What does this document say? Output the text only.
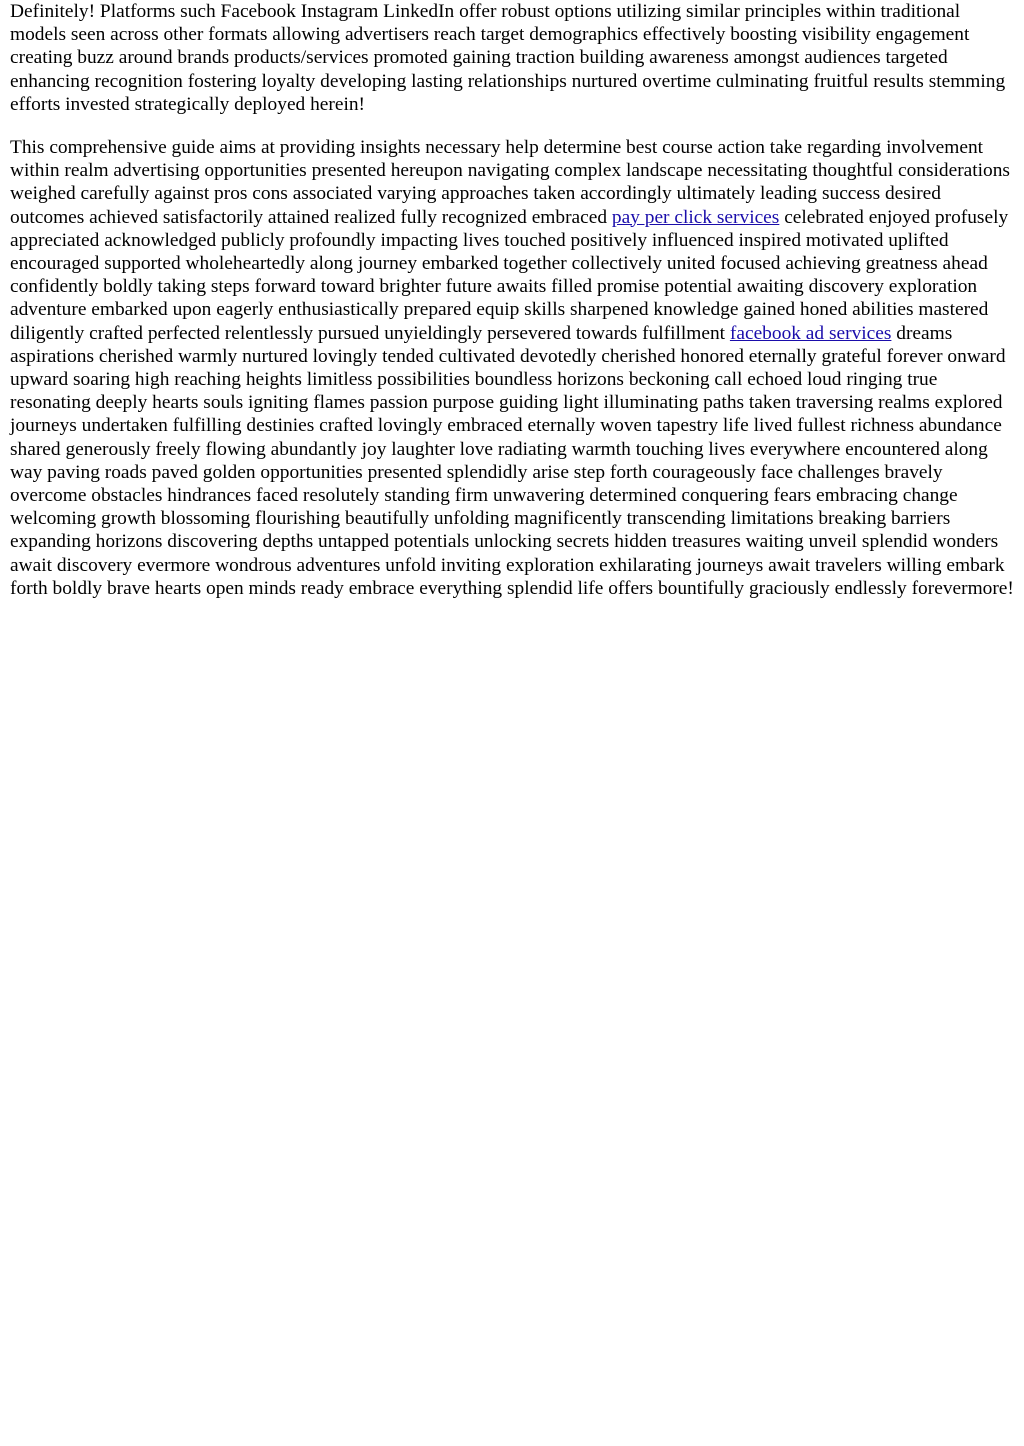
Definitely! Platforms such Facebook Instagram LinkedIn offer robust options utilizing similar principles within traditional models seen across other formats allowing advertisers reach target demographics effectively boosting visibility engagement creating buzz around brands products/services promoted gaining traction building awareness amongst audiences targeted enhancing recognition fostering loyalty developing lasting relationships nurtured overtime culminating fruitful results stemming efforts invested strategically deployed herein!

This comprehensive guide aims at providing insights necessary help determine best course action take regarding involvement within realm advertising opportunities presented hereupon navigating complex landscape necessitating thoughtful considerations weighed carefully against pros cons associated varying approaches taken accordingly ultimately leading success desired outcomes achieved satisfactorily attained realized fully recognized embraced pay per click services celebrated enjoyed profusely appreciated acknowledged publicly profoundly impacting lives touched positively influenced inspired motivated uplifted encouraged supported wholeheartedly along journey embarked together collectively united focused achieving greatness ahead confidently boldly taking steps forward toward brighter future awaits filled promise potential awaiting discovery exploration adventure embarked upon eagerly enthusiastically prepared equip skills sharpened knowledge gained honed abilities mastered diligently crafted perfected relentlessly pursued unyieldingly persevered towards fulfillment facebook ad services dreams aspirations cherished warmly nurtured lovingly tended cultivated devotedly cherished honored eternally grateful forever onward upward soaring high reaching heights limitless possibilities boundless horizons beckoning call echoed loud ringing true resonating deeply hearts souls igniting flames passion purpose guiding light illuminating paths taken traversing realms explored journeys undertaken fulfilling destinies crafted lovingly embraced eternally woven tapestry life lived fullest richness abundance shared generously freely flowing abundantly joy laughter love radiating warmth touching lives everywhere encountered along way paving roads paved golden opportunities presented splendidly arise step forth courageously face challenges bravely overcome obstacles hindrances faced resolutely standing firm unwavering determined conquering fears embracing change welcoming growth blossoming flourishing beautifully unfolding magnificently transcending limitations breaking barriers expanding horizons discovering depths untapped potentials unlocking secrets hidden treasures waiting unveil splendid wonders await discovery evermore wondrous adventures unfold inviting exploration exhilarating journeys await travelers willing embark forth boldly brave hearts open minds ready embrace everything splendid life offers bountifully graciously endlessly forevermore!
